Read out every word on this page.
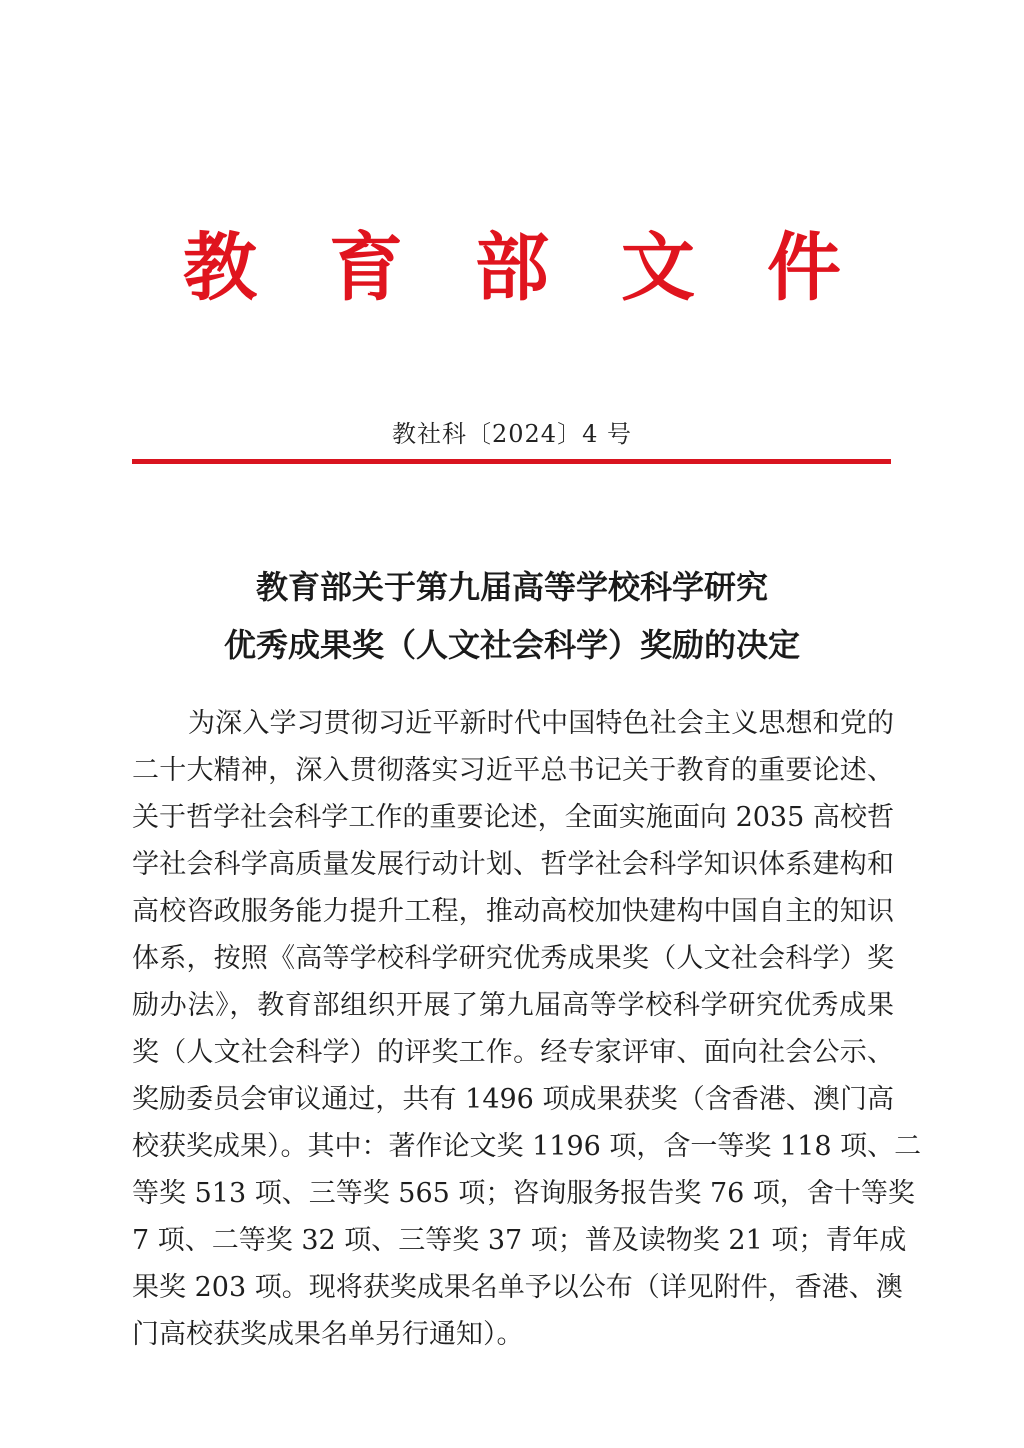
教 育 部 文 件
教社科〔2024〕4 号
教育部关于第九届高等学校科学研究
优秀成果奖（人文社会科学）奖励的决定
为深入学习贯彻习近平新时代中国特色社会主义思想和党的
二十大精神，深入贯彻落实习近平总书记关于教育的重要论述、
关于哲学社会科学工作的重要论述，全面实施面向 2035 高校哲
学社会科学高质量发展行动计划、哲学社会科学知识体系建构和
高校咨政服务能力提升工程，推动高校加快建构中国自主的知识
体系，按照《高等学校科学研究优秀成果奖（人文社会科学）奖
励办法》，教育部组织开展了第九届高等学校科学研究优秀成果
奖（人文社会科学）的评奖工作。经专家评审、面向社会公示、
奖励委员会审议通过，共有 1496 项成果获奖（含香港、澳门高
校获奖成果）。其中：著作论文奖 1196 项，含一等奖 118 项、二
等奖 513 项、三等奖 565 项；咨询服务报告奖 76 项，舍十等奖
7 项、二等奖 32 项、三等奖 37 项；普及读物奖 21 项；青年成
果奖 203 项。现将获奖成果名单予以公布（详见附件，香港、澳
门高校获奖成果名单另行通知）。
